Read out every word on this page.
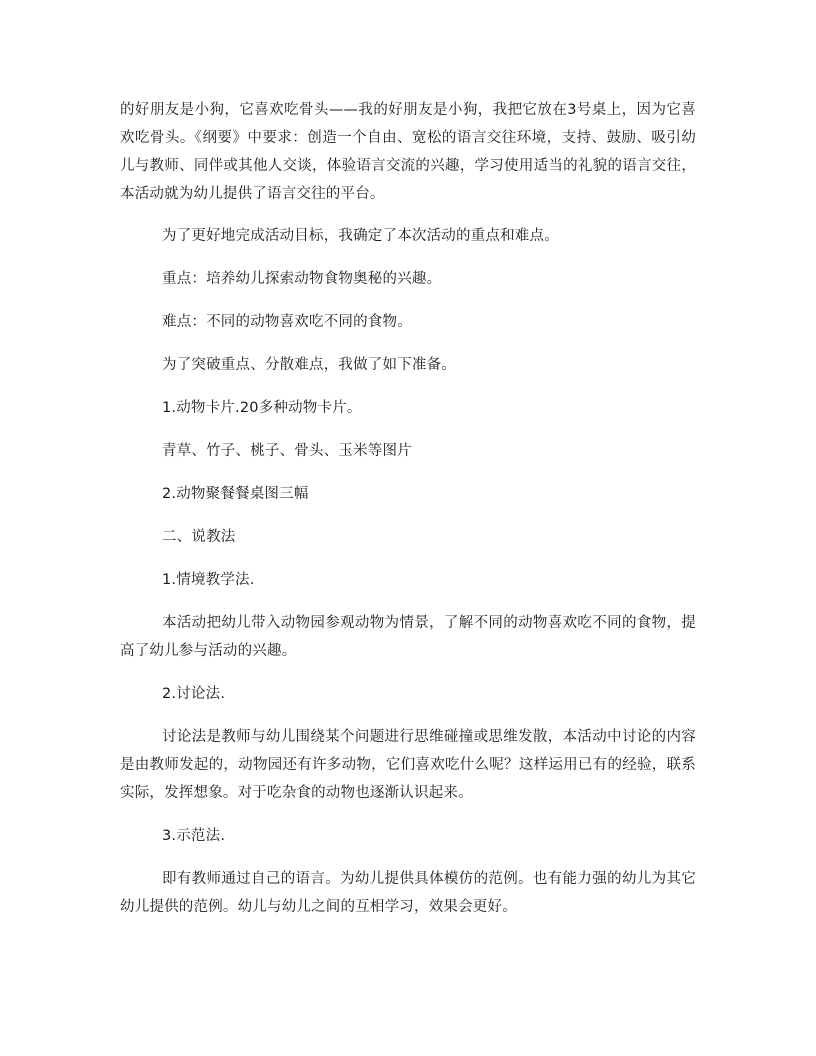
的好朋友是小狗，它喜欢吃骨头——我的好朋友是小狗，我把它放在3号桌上，因为它喜欢吃骨头。《纲要》中要求：创造一个自由、宽松的语言交往环境，支持、鼓励、吸引幼儿与教师、同伴或其他人交谈，体验语言交流的兴趣，学习使用适当的礼貌的语言交往，本活动就为幼儿提供了语言交往的平台。

为了更好地完成活动目标，我确定了本次活动的重点和难点。

重点：培养幼儿探索动物食物奥秘的兴趣。

难点：不同的动物喜欢吃不同的食物。

为了突破重点、分散难点，我做了如下准备。

1.动物卡片.20多种动物卡片。

青草、竹子、桃子、骨头、玉米等图片

2.动物聚餐餐桌图三幅

二、说教法

1.情境教学法.

本活动把幼儿带入动物园参观动物为情景，了解不同的动物喜欢吃不同的食物，提高了幼儿参与活动的兴趣。

2.讨论法.

讨论法是教师与幼儿围绕某个问题进行思维碰撞或思维发散，本活动中讨论的内容是由教师发起的，动物园还有许多动物，它们喜欢吃什么呢？这样运用已有的经验，联系实际，发挥想象。对于吃杂食的动物也逐渐认识起来。

3.示范法.

即有教师通过自己的语言。为幼儿提供具体模仿的范例。也有能力强的幼儿为其它幼儿提供的范例。幼儿与幼儿之间的互相学习，效果会更好。
